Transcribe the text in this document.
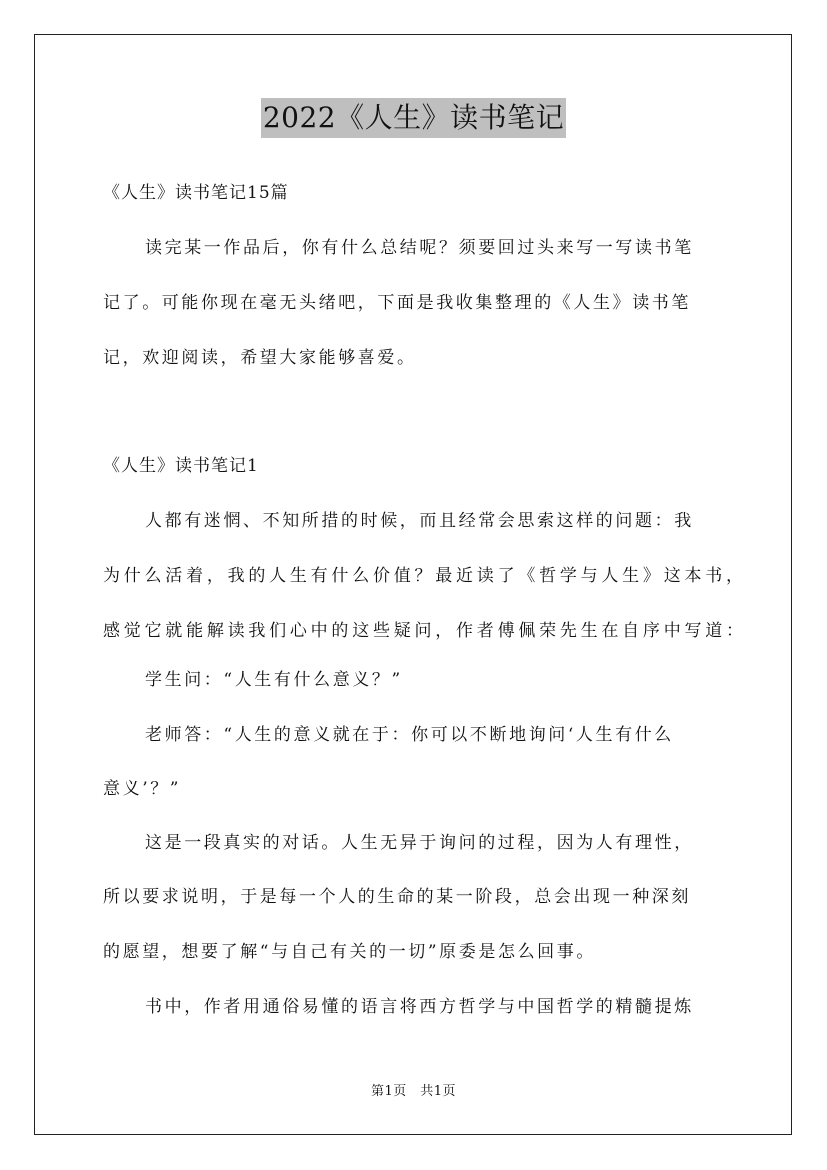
2022《人生》读书笔记
《人生》读书笔记15篇
读完某一作品后，你有什么总结呢？须要回过头来写一写读书笔
记了。可能你现在毫无头绪吧，下面是我收集整理的《人生》读书笔
记，欢迎阅读，希望大家能够喜爱。
《人生》读书笔记1
人都有迷惘、不知所措的时候，而且经常会思索这样的问题：我
为什么活着，我的人生有什么价值？最近读了《哲学与人生》这本书，
感觉它就能解读我们心中的这些疑问，作者傅佩荣先生在自序中写道：
学生问：“人生有什么意义？”
老师答：“人生的意义就在于：你可以不断地询问‘人生有什么
意义’？”
这是一段真实的对话。人生无异于询问的过程，因为人有理性，
所以要求说明，于是每一个人的生命的某一阶段，总会出现一种深刻
的愿望，想要了解“与自己有关的一切”原委是怎么回事。
书中，作者用通俗易懂的语言将西方哲学与中国哲学的精髓提炼
第1页　共1页
